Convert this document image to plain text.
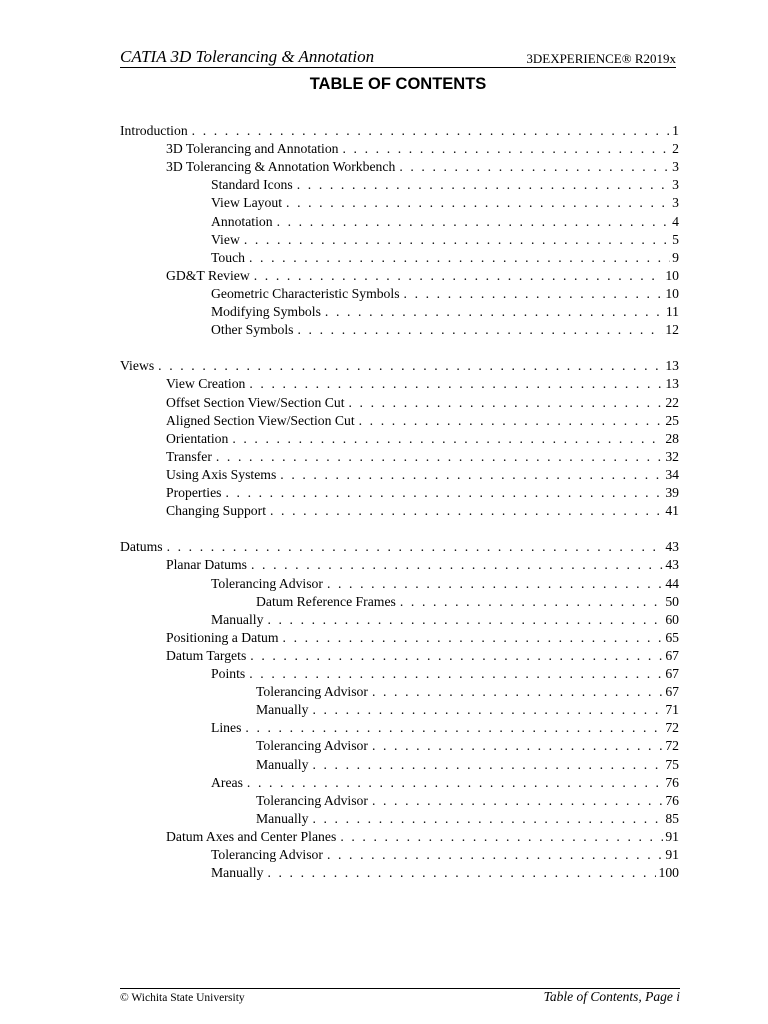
CATIA 3D Tolerancing & Annotation	3DEXPERIENCE® R2019x
TABLE OF CONTENTS
Introduction . . .	1
3D Tolerancing and Annotation . . .	2
3D Tolerancing & Annotation Workbench . . .	3
Standard Icons . . .	3
View Layout . . .	3
Annotation . . .	4
View . . .	5
Touch . . .	9
GD&T Review . . .	10
Geometric Characteristic Symbols . . .	10
Modifying Symbols . . .	11
Other Symbols . . .	12
Views . . .	13
View Creation . . .	13
Offset Section View/Section Cut . . .	22
Aligned Section View/Section Cut . . .	25
Orientation . . .	28
Transfer . . .	32
Using Axis Systems . . .	34
Properties . . .	39
Changing Support . . .	41
Datums . . .	43
Planar Datums . . .	43
Tolerancing Advisor . . .	44
Datum Reference Frames . . .	50
Manually . . .	60
Positioning a Datum . . .	65
Datum Targets . . .	67
Points . . .	67
Tolerancing Advisor . . .	67
Manually . . .	71
Lines . . .	72
Tolerancing Advisor . . .	72
Manually . . .	75
Areas . . .	76
Tolerancing Advisor . . .	76
Manually . . .	85
Datum Axes and Center Planes . . .	91
Tolerancing Advisor . . .	91
Manually . . .	100
© Wichita State University	Table of Contents, Page i
